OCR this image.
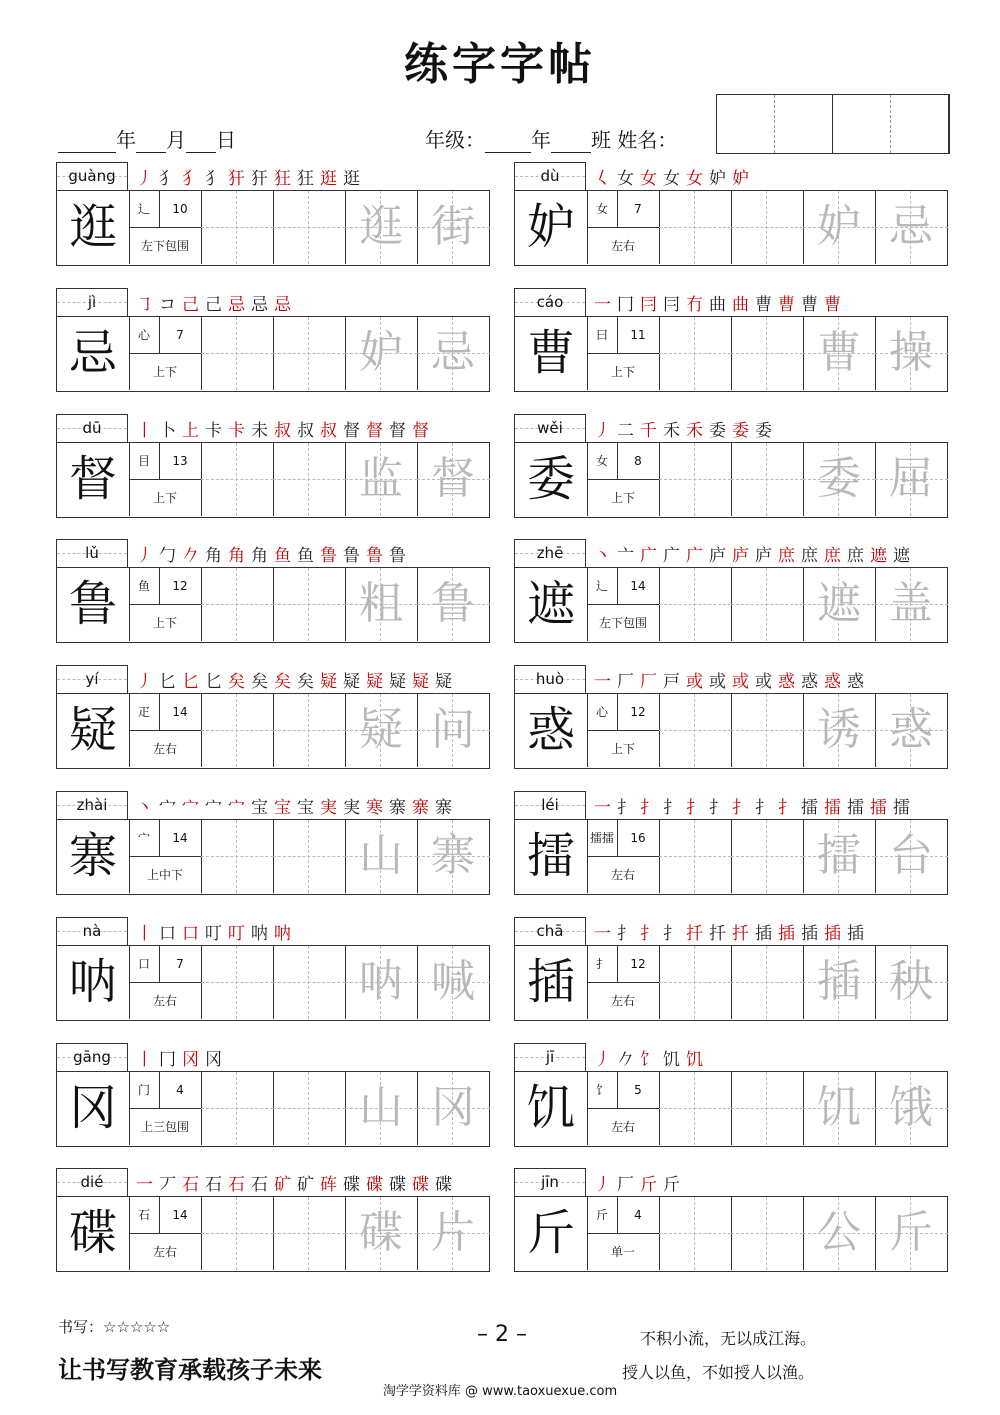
练字字帖
年 月 日	年级： 年 班 姓名：
guàng	丿 犭 犭 犭 犴 犴 狂 狂 逛 逛
逛	辶	10
左下包围	逛 街
dù	𡿨 女 女 女 女 妒 妒
妒	女	7
左右	妒 忌
jì	㇆ コ 己 己 忌 忌 忌
忌	心	7
上下	妒 忌
cáo	一 冂 冃 冃 冇 曲 曲 曹 曹 曹 曹
曹	曰	11
上下	曹 操
dū	丨 卜 上 卡 卡 未 叔 叔 叔 督 督 督 督
督	目	13
上下	监 督
wěi	丿 二 千 禾 禾 委 委 委
委	女	8
上下	委 屈
lǔ	丿 勹 𠂊 角 角 角 鱼 鱼 鲁 鲁 鲁 鲁
鲁	鱼	12
上下	粗 鲁
zhē	丶 亠 广 广 广 庐 庐 庐 庶 庶 庶 庶 遮 遮
遮	辶	14
左下包围	遮 盖
yí	丿 匕 匕 匕 矣 矣 矣 矣 疑 疑 疑 疑 疑 疑
疑	疋	14
左右	疑 问
huò	一 厂 厂 戸 或 或 或 或 惑 惑 惑 惑
惑	心	12
上下	诱 惑
zhài	丶 宀 宀 宀 宀 宝 宝 宝 実 実 寒 寨 寨 寨
寨	宀	14
上中下	山 寨
léi	一 扌 扌 扌 扌 扌 扌 扌 扌 擂 擂 擂 擂 擂
擂	擂擂	16
左右	擂 台
nà	丨 口 口 叮 叮 呐 呐
呐	口	7
左右	呐 喊
chā	一 扌 扌 扌 扦 扦 扦 插 插 插 插 插
插	扌	12
左右	插 秧
gāng	丨 冂 冈 冈
冈	门	4
上三包围	山 冈
jī	丿 𠂊 饣 饥 饥
饥	饣	5
左右	饥 饿
dié	一 丆 石 石 石 石 矿 矿 砗 碟 碟 碟 碟 碟
碟	石	14
左右	碟 片
jīn	丿 厂 斤 斤
斤	斤	4
单一	公 斤
书写：☆☆☆☆☆
让书写教育承载孩子未来
– 2 –	不积小流，无以成江海。
授人以鱼，不如授人以渔。
淘学学资料库 @ www.taoxuexue.com
